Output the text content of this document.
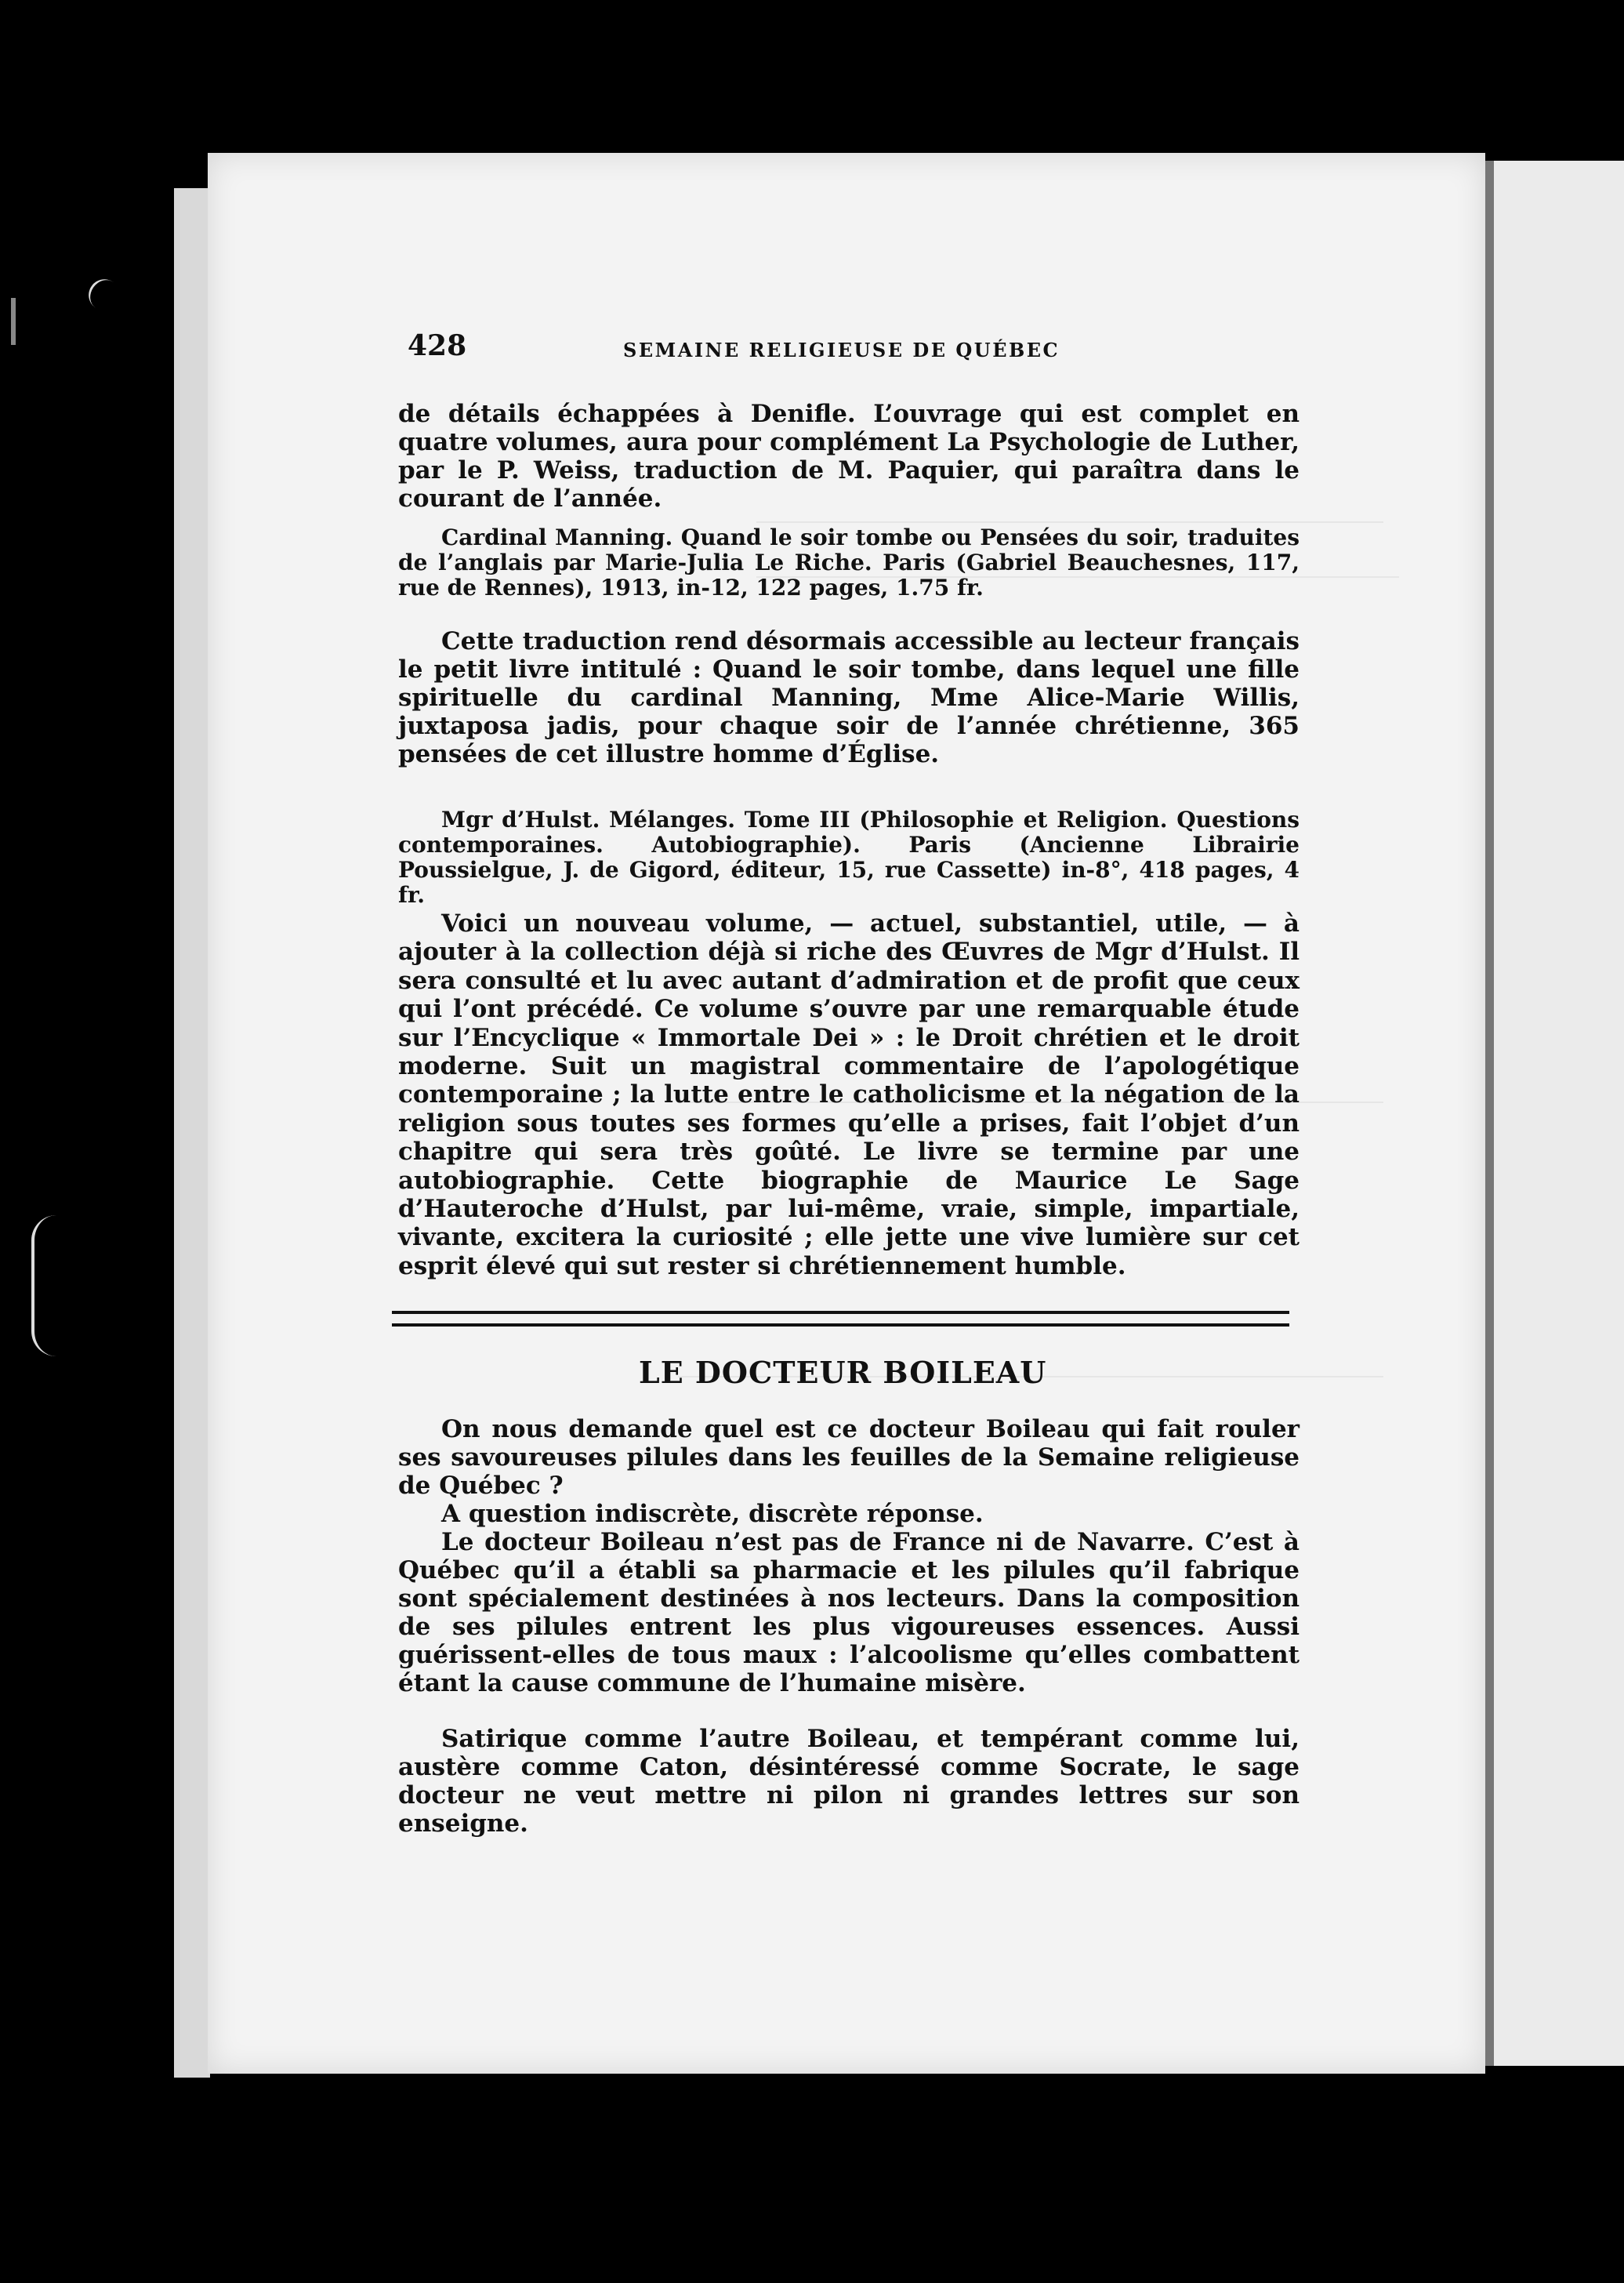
428	SEMAINE RELIGIEUSE DE QUÉBEC
de détails échappées à Denifle. L’ouvrage qui est complet en quatre volumes, aura pour complément La Psychologie de Luther, par le P. Weiss, traduction de M. Paquier, qui paraîtra dans le courant de l’année.
Cardinal Manning. Quand le soir tombe ou Pensées du soir, traduites de l’anglais par Marie-Julia Le Riche. Paris (Gabriel Beauchesnes, 117, rue de Rennes), 1913, in-12, 122 pages, 1.75 fr.
Cette traduction rend désormais accessible au lecteur français le petit livre intitulé : Quand le soir tombe, dans lequel une fille spirituelle du cardinal Manning, Mme Alice-Marie Willis, juxtaposa jadis, pour chaque soir de l’année chrétienne, 365 pensées de cet illustre homme d’Église.
Mgr d’Hulst. Mélanges. Tome III (Philosophie et Religion. Questions contemporaines. Autobiographie). Paris (Ancienne Librairie Poussielgue, J. de Gigord, éditeur, 15, rue Cassette) in-8°, 418 pages, 4 fr.
Voici un nouveau volume, — actuel, substantiel, utile, — à ajouter à la collection déjà si riche des Œuvres de Mgr d’Hulst. Il sera consulté et lu avec autant d’admiration et de profit que ceux qui l’ont précédé. Ce volume s’ouvre par une remarquable étude sur l’Encyclique « Immortale Dei » : le Droit chrétien et le droit moderne. Suit un magistral commentaire de l’apologétique contemporaine ; la lutte entre le catholicisme et la négation de la religion sous toutes ses formes qu’elle a prises, fait l’objet d’un chapitre qui sera très goûté. Le livre se termine par une autobiographie. Cette biographie de Maurice Le Sage d’Hauteroche d’Hulst, par lui-même, vraie, simple, impartiale, vivante, excitera la curiosité ; elle jette une vive lumière sur cet esprit élevé qui sut rester si chrétiennement humble.
LE DOCTEUR BOILEAU
On nous demande quel est ce docteur Boileau qui fait rouler ses savoureuses pilules dans les feuilles de la Semaine religieuse de Québec ?
A question indiscrète, discrète réponse.
Le docteur Boileau n’est pas de France ni de Navarre. C’est à Québec qu’il a établi sa pharmacie et les pilules qu’il fabrique sont spécialement destinées à nos lecteurs. Dans la composition de ses pilules entrent les plus vigoureuses essences. Aussi guérissent-elles de tous maux : l’alcoolisme qu’elles combattent étant la cause commune de l’humaine misère.
Satirique comme l’autre Boileau, et tempérant comme lui, austère comme Caton, désintéressé comme Socrate, le sage docteur ne veut mettre ni pilon ni grandes lettres sur son enseigne.
